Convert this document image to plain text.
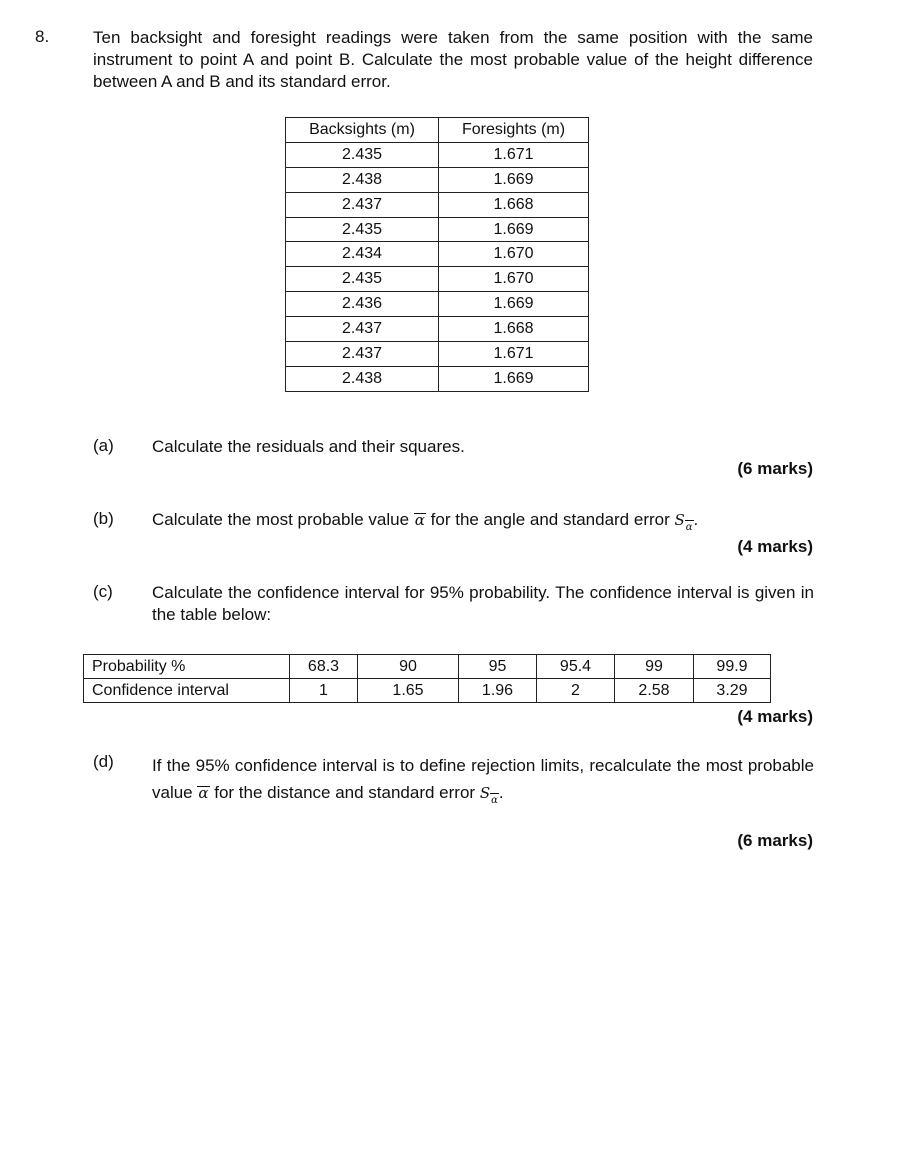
8.	Ten backsight and foresight readings were taken from the same position with the same instrument to point A and point B. Calculate the most probable value of the height difference between A and B and its standard error.
Backsights (m)	Foresights (m)
2.435	1.671
2.438	1.669
2.437	1.668
2.435	1.669
2.434	1.670
2.435	1.670
2.436	1.669
2.437	1.668
2.437	1.671
2.438	1.669
(a) Calculate the residuals and their squares.
(6 marks)
(b) Calculate the most probable value α for the angle and standard error Sα.
(4 marks)
(c) Calculate the confidence interval for 95% probability. The confidence interval is given in the table below:
Probability %	68.3	90	95	95.4	99	99.9
Confidence interval	1	1.65	1.96	2	2.58	3.29
(4 marks)
(d) If the 95% confidence interval is to define rejection limits, recalculate the most probable value α for the distance and standard error Sα.
(6 marks)
